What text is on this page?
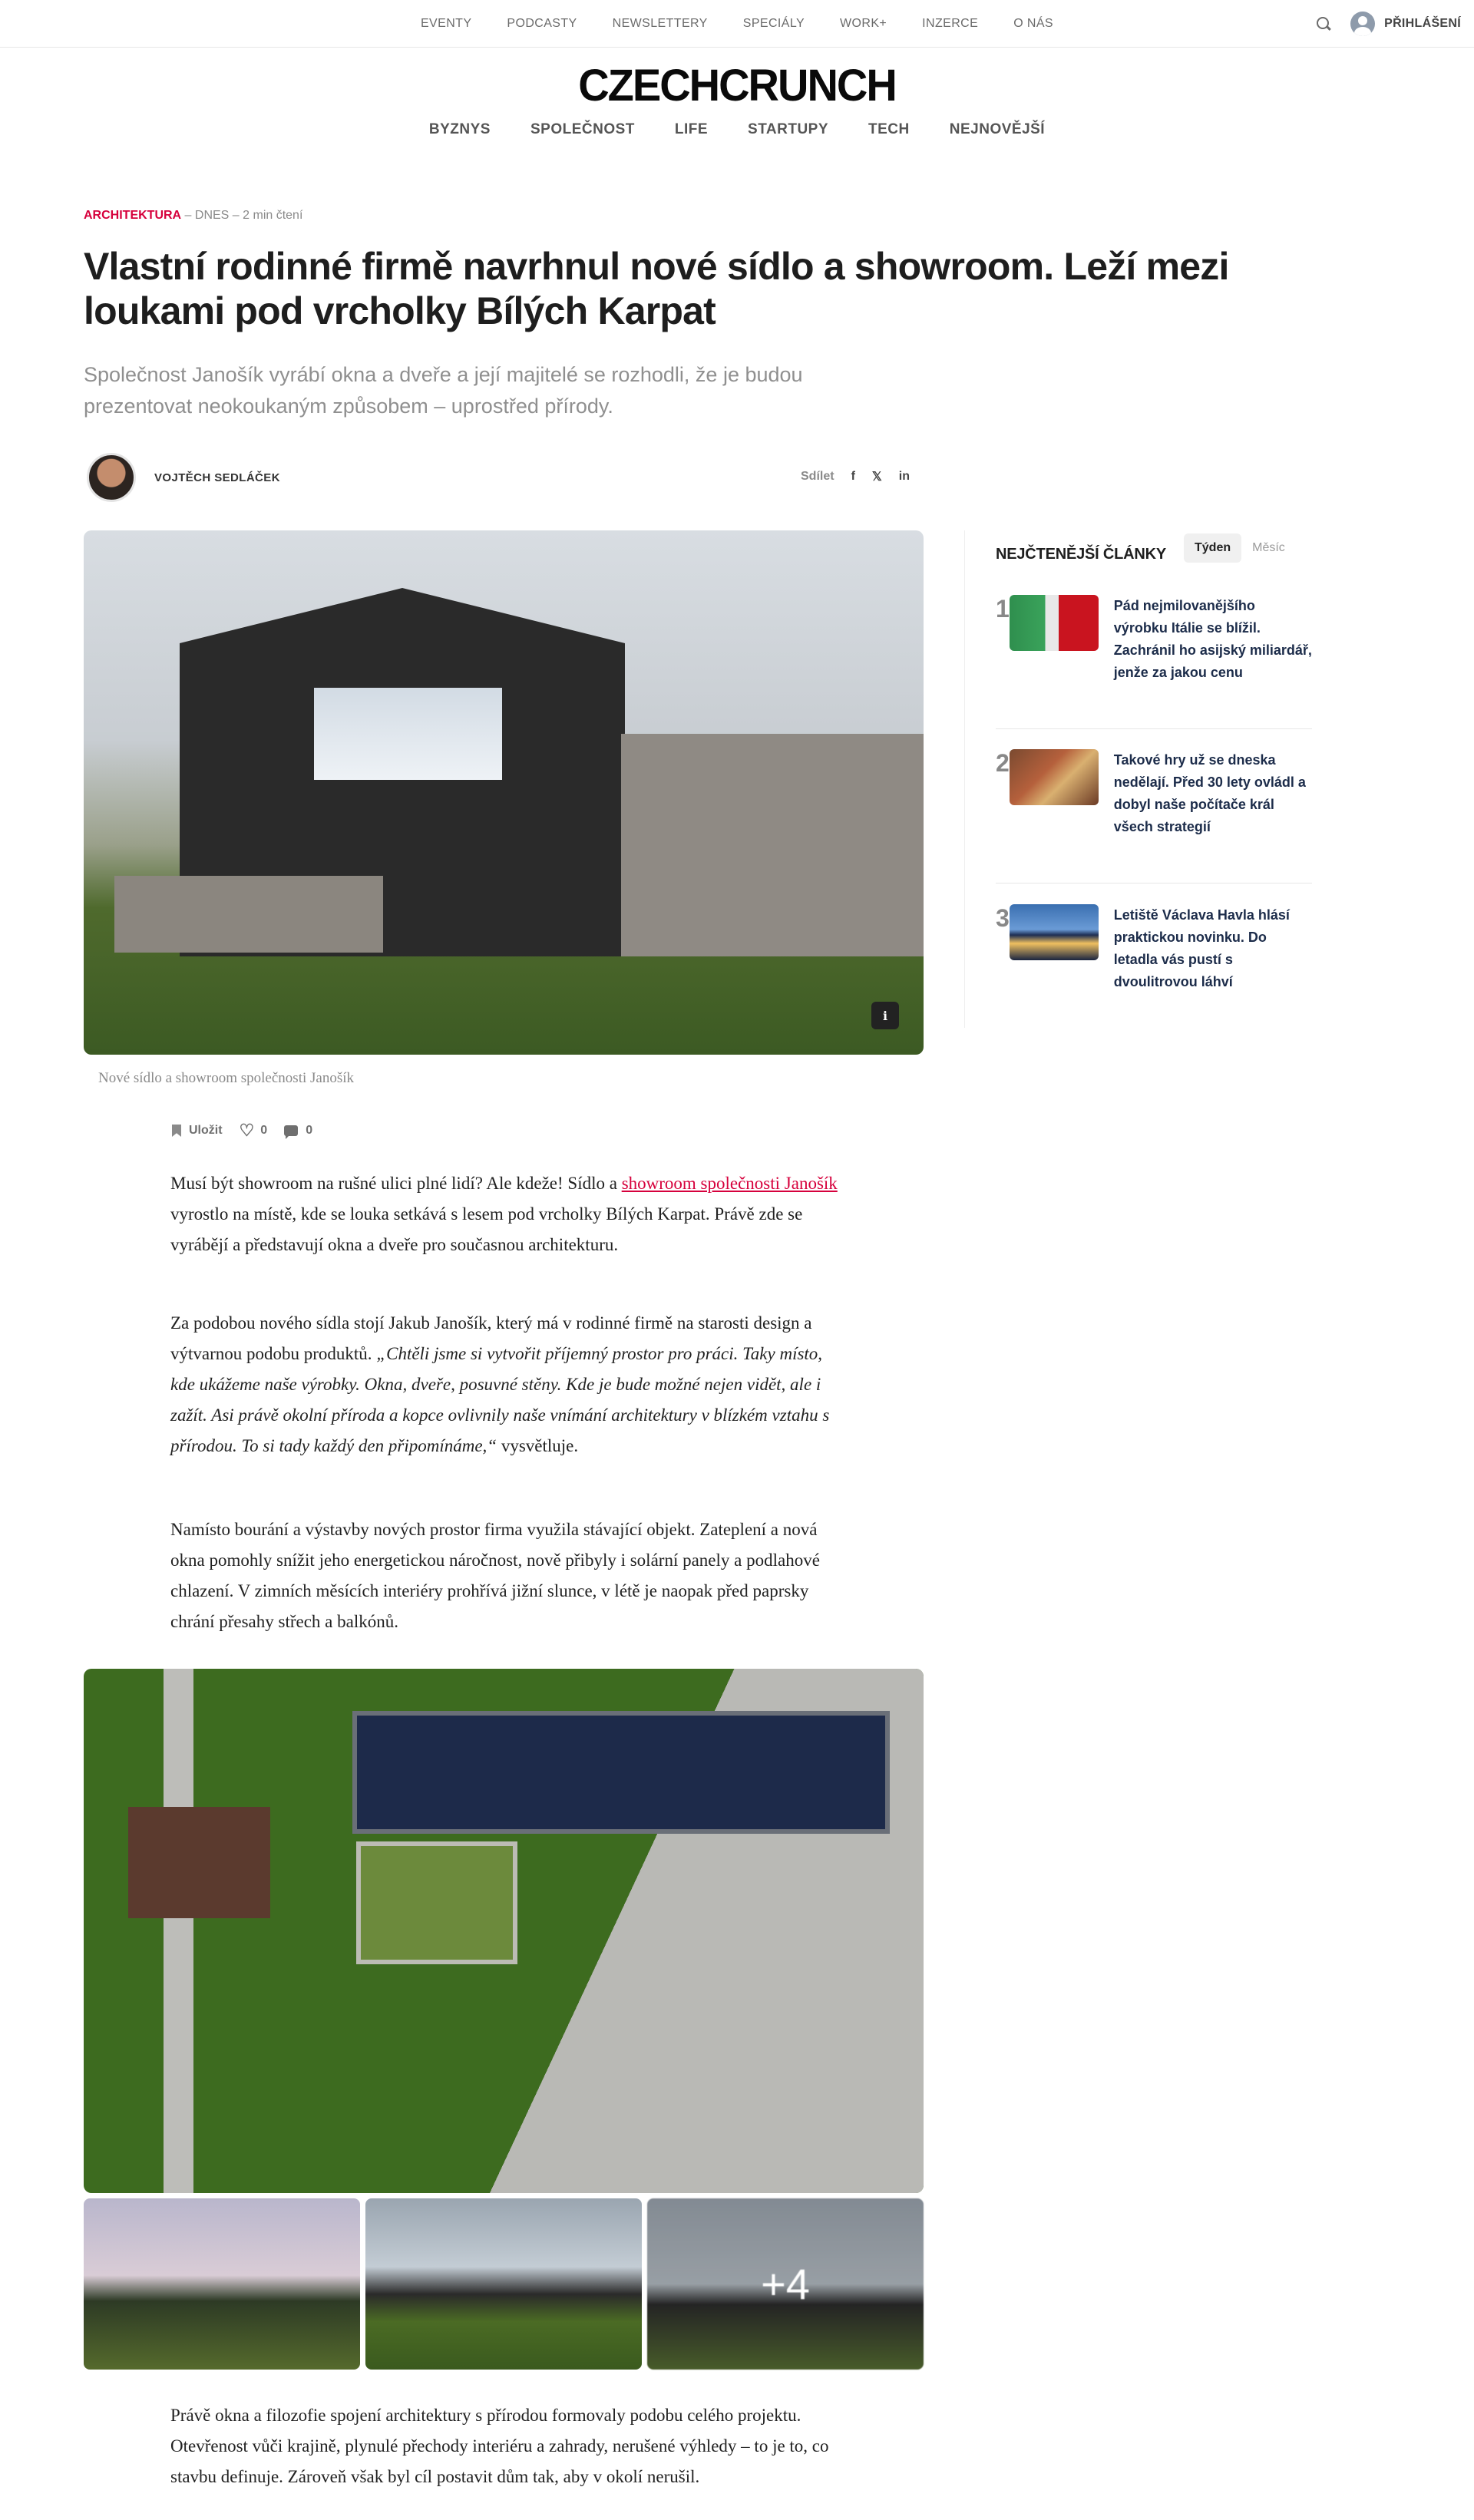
EVENTY	PODCASTY	NEWSLETTERY	SPECIÁLY	WORK+	INZERCE	O NÁS	PŘIHLÁŠENÍ
CZECHCRUNCH
BYZNYS	SPOLEČNOST	LIFE	STARTUPY	TECH	NEJNOVĚJŠÍ
ARCHITEKTURA – DNES – 2 min čtení
Vlastní rodinné firmě navrhnul nové sídlo a showroom. Leží mezi loukami pod vrcholky Bílých Karpat

Společnost Janošík vyrábí okna a dveře a její majitelé se rozhodli, že je budou prezentovat neokoukaným způsobem – uprostřed přírody.

VOJTĚCH SEDLÁČEK	Sdílet f 𝕏 in
i
Nové sídlo a showroom společnosti Janošík
Uložit ♡ 0	0

Musí být showroom na rušné ulici plné lidí? Ale kdeže! Sídlo a showroom společnosti Janošík vyrostlo na místě, kde se louka setkává s lesem pod vrcholky Bílých Karpat. Právě zde se vyrábějí a představují okna a dveře pro současnou architekturu.

Za podobou nového sídla stojí Jakub Janošík, který má v rodinné firmě na starosti design a výtvarnou podobu produktů. „Chtěli jsme si vytvořit příjemný prostor pro práci. Taky místo, kde ukážeme naše výrobky. Okna, dveře, posuvné stěny. Kde je bude možné nejen vidět, ale i zažít. Asi právě okolní příroda a kopce ovlivnily naše vnímání architektury v blízkém vztahu s přírodou. To si tady každý den připomínáme,“ vysvětluje.

Namísto bourání a výstavby nových prostor firma využila stávající objekt. Zateplení a nová okna pomohly snížit jeho energetickou náročnost, nově přibyly i solární panely a podlahové chlazení. V zimních měsících interiéry prohřívá jižní slunce, v létě je naopak před paprsky chrání přesahy střech a balkónů.

+4

Právě okna a filozofie spojení architektury s přírodou formovaly podobu celého projektu. Otevřenost vůči krajině, plynulé přechody interiéru a zahrady, nerušené výhledy – to je to, co stavbu definuje. Zároveň však byl cíl postavit dům tak, aby v okolí nerušil.

NEJČTENĚJŠÍ ČLÁNKY	Týden	Měsíc
1	Pád nejmilovanějšího výrobku Itálie se blížil. Zachránil ho asijský miliardář, jenže za jakou cenu
2	Takové hry už se dneska nedělají. Před 30 lety ovládl a dobyl naše počítače král všech strategií
3	Letiště Václava Havla hlásí praktickou novinku. Do letadla vás pustí s dvoulitrovou láhví
